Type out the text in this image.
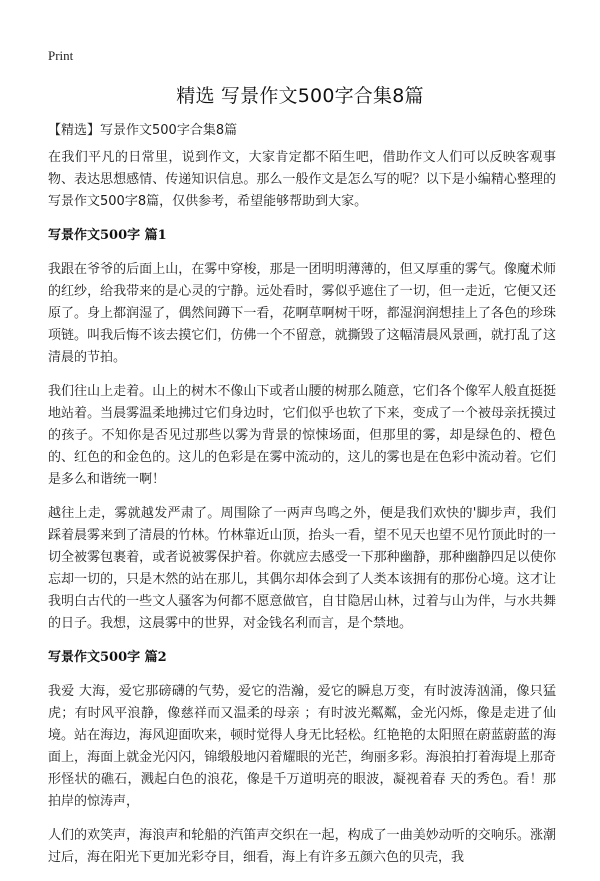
Print
精选 写景作文500字合集8篇
【精选】写景作文500字合集8篇

在我们平凡的日常里，说到作文，大家肯定都不陌生吧，借助作文人们可以反映客观事物、表达思想感情、传递知识信息。那么一般作文是怎么写的呢？以下是小编精心整理的写景作文500字8篇，仅供参考，希望能够帮助到大家。

写景作文500字 篇1

我跟在爷爷的后面上山，在雾中穿梭，那是一团明明薄薄的，但又厚重的雾气。像魔术师的红纱，给我带来的是心灵的宁静。远处看时，雾似乎遮住了一切，但一走近，它便又还原了。身上都润湿了，偶然间蹲下一看，花啊草啊树干呀，都湿润润想挂上了各色的珍珠项链。叫我后悔不该去摸它们，仿佛一个不留意，就撕毁了这幅清晨风景画，就打乱了这清晨的节拍。

我们往山上走着。山上的树木不像山下或者山腰的树那么随意，它们各个像军人般直挺挺地站着。当晨雾温柔地拂过它们身边时，它们似乎也软了下来，变成了一个被母亲抚摸过的孩子。不知你是否见过那些以雾为背景的惊悚场面，但那里的雾，却是绿色的、橙色的、红色的和金色的。这儿的色彩是在雾中流动的，这儿的雾也是在色彩中流动着。它们是多么和谐统一啊！

越往上走，雾就越发严肃了。周围除了一两声鸟鸣之外，便是我们欢快的'脚步声，我们踩着晨雾来到了清晨的竹林。竹林靠近山顶，抬头一看，望不见天也望不见竹顶此时的一切全被雾包裹着，或者说被雾保护着。你就应去感受一下那种幽静，那种幽静四足以使你忘却一切的，只是木然的站在那儿，其偶尔却体会到了人类本该拥有的那份心境。这才让我明白古代的一些文人骚客为何都不愿意做官，自甘隐居山林，过着与山为伴，与水共舞的日子。我想，这晨雾中的世界，对金钱名利而言，是个禁地。

写景作文500字 篇2

我爱 大海，爱它那磅礴的气势，爱它的浩瀚，爱它的瞬息万变，有时波涛汹涌，像只猛虎；有时风平浪静，像慈祥而又温柔的母亲 ；有时波光粼粼，金光闪烁，像是走进了仙境。站在海边，海风迎面吹来，顿时觉得人身无比轻松。红艳艳的太阳照在蔚蓝蔚蓝的海面上，海面上就金光闪闪，锦缎般地闪着耀眼的光芒，绚丽多彩。海浪拍打着海堤上那奇形怪状的礁石，溅起白色的浪花，像是千万道明亮的眼波，凝视着春 天的秀色。看！那拍岸的惊涛声，

人们的欢笑声，海浪声和轮船的汽笛声交织在一起，构成了一曲美妙动听的交响乐。涨潮过后，海在阳光下更加光彩夺目，细看，海上有许多五颜六色的贝壳，我
